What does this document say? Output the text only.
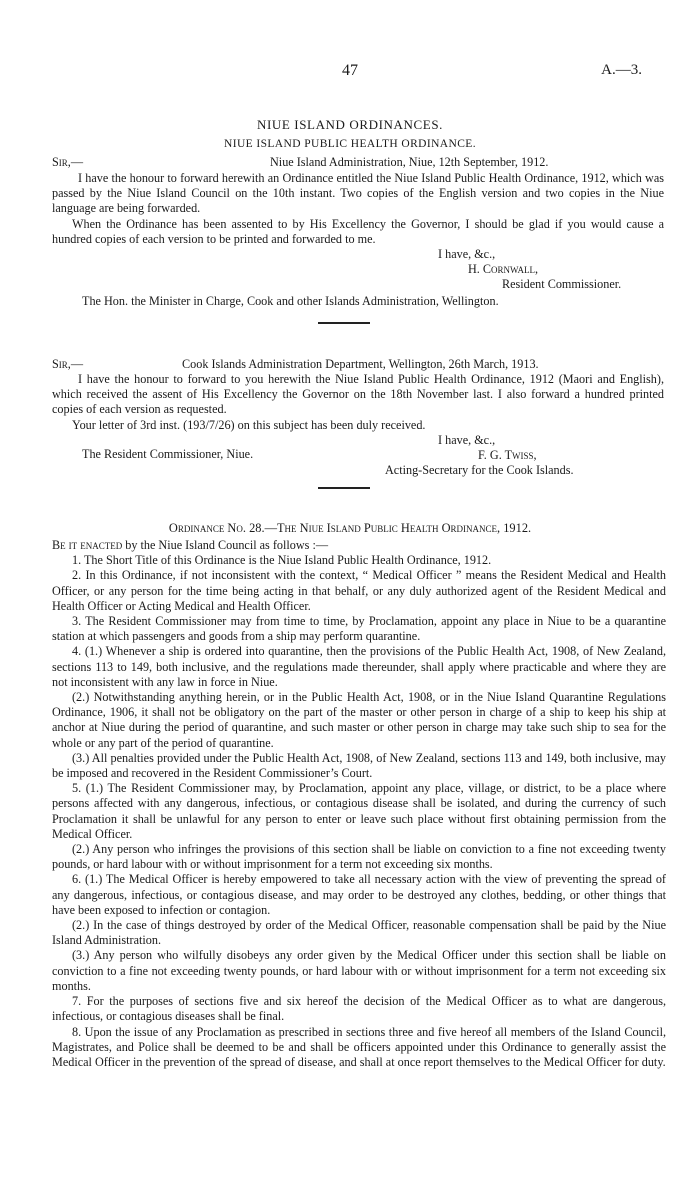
47	A.—3.
NIUE ISLAND ORDINANCES.
NIUE ISLAND PUBLIC HEALTH ORDINANCE.
Sir,—	Niue Island Administration, Niue, 12th September, 1912.

I have the honour to forward herewith an Ordinance entitled the Niue Island Public Health Ordinance, 1912, which was passed by the Niue Island Council on the 10th instant. Two copies of the English version and two copies in the Niue language are being forwarded.

When the Ordinance has been assented to by His Excellency the Governor, I should be glad if you would cause a hundred copies of each version to be printed and forwarded to me.

I have, &c.,
H. Cornwall,
Resident Commissioner.
The Hon. the Minister in Charge, Cook and other Islands Administration, Wellington.
Sir,—	Cook Islands Administration Department, Wellington, 26th March, 1913.

I have the honour to forward to you herewith the Niue Island Public Health Ordinance, 1912 (Maori and English), which received the assent of His Excellency the Governor on the 18th November last. I also forward a hundred printed copies of each version as requested.

Your letter of 3rd inst. (193/7/26) on this subject has been duly received.

I have, &c.,
F. G. Twiss,
The Resident Commissioner, Niue.
Acting-Secretary for the Cook Islands.
Ordinance No. 28.—The Niue Island Public Health Ordinance, 1912.

Be it enacted by the Niue Island Council as follows :—

1. The Short Title of this Ordinance is the Niue Island Public Health Ordinance, 1912.

2. In this Ordinance, if not inconsistent with the context, “ Medical Officer ” means the Resident Medical and Health Officer, or any person for the time being acting in that behalf, or any duly authorized agent of the Resident Medical and Health Officer or Acting Medical and Health Officer.

3. The Resident Commissioner may from time to time, by Proclamation, appoint any place in Niue to be a quarantine station at which passengers and goods from a ship may perform quarantine.

4. (1.) Whenever a ship is ordered into quarantine, then the provisions of the Public Health Act, 1908, of New Zealand, sections 113 to 149, both inclusive, and the regulations made thereunder, shall apply where practicable and where they are not inconsistent with any law in force in Niue.

(2.) Notwithstanding anything herein, or in the Public Health Act, 1908, or in the Niue Island Quarantine Regulations Ordinance, 1906, it shall not be obligatory on the part of the master or other person in charge of a ship to keep his ship at anchor at Niue during the period of quarantine, and such master or other person in charge may take such ship to sea for the whole or any part of the period of quarantine.

(3.) All penalties provided under the Public Health Act, 1908, of New Zealand, sections 113 and 149, both inclusive, may be imposed and recovered in the Resident Commissioner’s Court.

5. (1.) The Resident Commissioner may, by Proclamation, appoint any place, village, or district, to be a place where persons affected with any dangerous, infectious, or contagious disease shall be isolated, and during the currency of such Proclamation it shall be unlawful for any person to enter or leave such place without first obtaining permission from the Medical Officer.

(2.) Any person who infringes the provisions of this section shall be liable on conviction to a fine not exceeding twenty pounds, or hard labour with or without imprisonment for a term not exceeding six months.

6. (1.) The Medical Officer is hereby empowered to take all necessary action with the view of preventing the spread of any dangerous, infectious, or contagious disease, and may order to be destroyed any clothes, bedding, or other things that have been exposed to infection or contagion.

(2.) In the case of things destroyed by order of the Medical Officer, reasonable compensation shall be paid by the Niue Island Administration.

(3.) Any person who wilfully disobeys any order given by the Medical Officer under this section shall be liable on conviction to a fine not exceeding twenty pounds, or hard labour with or without imprisonment for a term not exceeding six months.

7. For the purposes of sections five and six hereof the decision of the Medical Officer as to what are dangerous, infectious, or contagious diseases shall be final.

8. Upon the issue of any Proclamation as prescribed in sections three and five hereof all members of the Island Council, Magistrates, and Police shall be deemed to be and shall be officers appointed under this Ordinance to generally assist the Medical Officer in the prevention of the spread of disease, and shall at once report themselves to the Medical Officer for duty.
